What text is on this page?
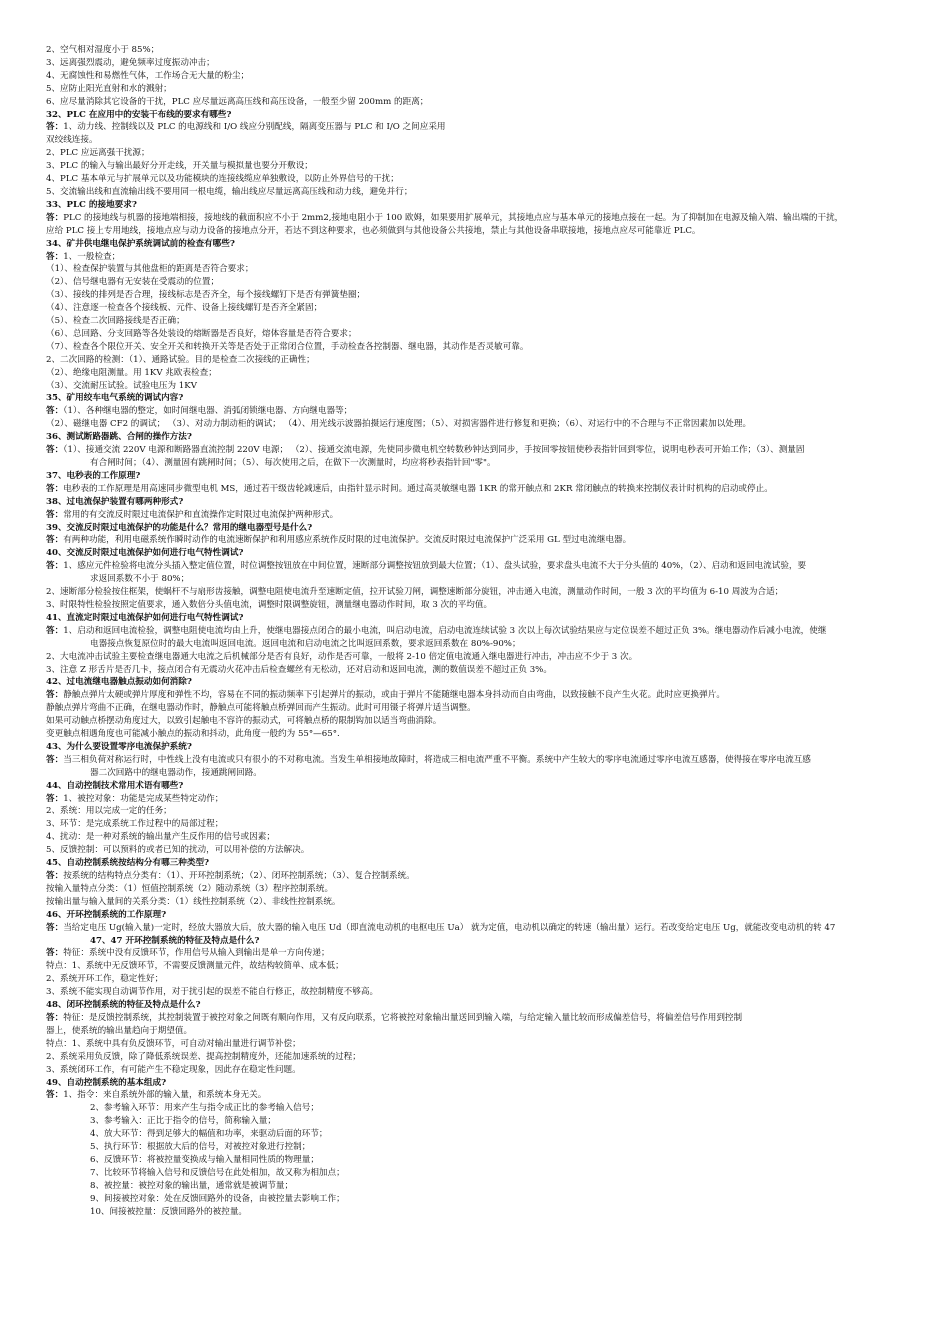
2、空气相对湿度小于 85%；
3、远离强烈震动，避免频率过度振动冲击；
4、无腐蚀性和易燃性气体，工作场合无大量的粉尘；
5、应防止阳光直射和水的溅射；
6、应尽量消除其它设备的干扰，PLC 应尽量远离高压线和高压设备，一般至少留 200mm 的距离；
32、PLC 在应用中的安装干布线的要求有哪些?
答：1、动力线、控制线以及 PLC 的电源线和 I/O 线应分别配线，隔离变压器与 PLC 和 I/O 之间应采用
双绞线连接。
2、PLC 应远离强干扰源；
3、PLC 的输入与输出最好分开走线，开关量与模拟量也要分开敷设；
4、PLC 基本单元与扩展单元以及功能模块的连接线缆应单独敷设，以防止外界信号的干扰；
5、交流输出线和直流输出线不要用同一根电缆，输出线应尽量远离高压线和动力线，避免并行；
33、PLC 的接地要求?
答：PLC 的接地线与机器的接地端相接，接地线的截面积应不小于 2mm2,接地电阻小于 100 欧姆，如果要用扩展单元，其接地点应与基本单元的接地点接在一起。为了抑制加在电源及输入端、输出端的干扰，
应给 PLC 接上专用地线，接地点应与动力设备的接地点分开，若达不到这种要求，也必须做到与其他设备公共接地，禁止与其他设备串联接地，接地点应尽可能靠近 PLC。
34、矿井供电继电保护系统调试前的检查有哪些?
答：1、一般检查；
（1）、检查保护装置与其他盘柜的距离是否符合要求；
（2）、信号继电器有无安装在受震动的位置；
（3）、接线的排列是否合理，接线标志是否齐全，每个接线螺钉下是否有弹簧垫圈；
（4）、注意逐一检查各个接线板、元件、设备上接线螺钉是否齐全紧固；
（5）、检查二次回路接线是否正确；
（6）、总回路、分支回路等各处装设的熔断器是否良好，熔体容量是否符合要求；
（7）、检查各个限位开关、安全开关和转换开关等是否处于正常闭合位置，手动检查各控制器、继电器，其动作是否灵敏可靠。
2、二次回路的检测：（1）、通路试验。目的是检查二次接线的正确性；
（2）、绝缘电阻测量。用 1KV 兆欧表检查；
（3）、交流耐压试验。试验电压为 1KV
35、矿用绞车电气系统的调试内容?
答：（1）、各种继电器的整定，如时间继电器、消弧闭锁继电器、方向继电器等；
（2）、磁继电器 CF2 的调试； （3）、对动力制动柜的调试； （4）、用光线示波器拍摄运行速度图；（5）、对损害器件进行修复和更换；（6）、对运行中的不合理与不正常因素加以处理。
36、测试断路器跳、合闸的操作方法?
答：（1）、接通交流 220V 电源和断路器直流控制 220V 电源； （2）、接通交流电源，先使同步微电机空转数秒钟达到同步，手按回零按钮使秒表指针回到零位，说明电秒表可开始工作；（3）、测量固
有合闸时间；（4）、测量固有跳闸时间；（5）、每次使用之后，在做下一次测量时，均应将秒表指针回"零"。
37、电秒表的工作原理?
答：电秒表的工作原理是用高速同步微型电机 MS，通过若干级齿轮减速后，由指针显示时间。通过高灵敏继电器 1KR 的常开触点和 2KR 常闭触点的转换来控制仪表计时机构的启动或停止。
38、过电流保护装置有哪两种形式?
答：常用的有交流反时限过电流保护和直流操作定时限过电流保护两种形式。
39、交流反时限过电流保护的功能是什么？常用的继电器型号是什么?
答：有两种功能，利用电磁系统作瞬时动作的电流速断保护和利用感应系统作反时限的过电流保护。交流反时限过电流保护广泛采用 GL 型过电流继电器。
40、交流反时限过电流保护如何进行电气特性调试?
答：1、感应元件检验将电流分头插入整定值位置，时位调整按钮放在中间位置，速断部分调整按钮放到最大位置；（1）、盘头试验，要求盘头电流不大于分头值的 40%，（2）、启动和返回电流试验，要
求返回系数不小于 80%；
2、速断部分检验按住框架，使蜗杆不与扇形齿接触，调整电阻使电流升至速断定值，拉开试验刀闸，调整速断部分旋钮，冲击通入电流，测量动作时间，一般 3 次的平均值为 6-10 周波为合适；
3、时限特性检验按照定值要求，通入数倍分头值电流，调整时限调整旋钮，测量继电器动作时间，取 3 次的平均值。
41、直流定时限过电流保护如何进行电气特性调试?
答：1、启动和返回电流检验，调整电阻使电流均由上升，使继电器接点闭合的最小电流，叫启动电流，启动电流连续试验 3 次以上每次试验结果应与定位误差不超过正负 3%。继电器动作后减小电流，使继
电器接点恢复原位时的最大电流叫返回电流。返回电流和启动电流之比叫返回系数，要求返回系数在 80%-90%；
2、大电流冲击试验主要检查继电器通大电流之后机械部分是否有良好，动作是否可靠，一般将 2-10 倍定值电流通入继电器进行冲击，冲击应不少于 3 次。
3、注意 Z 形舌片是否几卡，接点闭合有无震动火花冲击后检查螺丝有无松动，还对启动和返回电流，测的数值误差不超过正负 3%。
42、过电流继电器触点振动如何消除?
答：静触点弹片太硬或弹片厚度和弹性不均，容易在不同的振动频率下引起弹片的振动，或由于弹片不能随继电器本身抖动而自由弯曲，以致接触不良产生火花。此时应更换弹片。
静触点弹片弯曲不正确，在继电器动作时，静触点可能将触点桥弹回而产生振动。此时可用镊子将弹片适当调整。
如果可动触点桥摆动角度过大，以致引起触电不容许的振动式，可将触点桥的限制钩加以适当弯曲消除。
变更触点相遇角度也可能减小触点的振动和抖动，此角度一般约为 55°—65°.
43、为什么要设置零序电流保护系统?
答：当三相负荷对称运行时，中性线上没有电流或只有很小的不对称电流。当发生单相接地故障时，将造成三相电流严重不平衡。系统中产生较大的零序电流通过零序电流互感器，使得接在零序电流互感
器二次回路中的继电器动作，接通跳闸回路。
44、自动控制技术常用术语有哪些?
答：1、被控对象：功能是完成某些特定动作；
2、系统：用以完成一定的任务；
3、环节：是完成系统工作过程中的局部过程；
4、扰动：是一种对系统的输出量产生反作用的信号或因素；
5、反馈控制：可以预料的或者已知的扰动，可以用补偿的方法解决。
45、自动控制系统按结构分有哪三种类型?
答：按系统的结构特点分类有：（1）、开环控制系统；（2）、闭环控制系统；（3）、复合控制系统。
按输入量特点分类：（1）恒值控制系统（2）随动系统（3）程序控制系统。
按输出量与输入量间的关系分类：（1）线性控制系统（2）、非线性控制系统。
46、开环控制系统的工作原理?
答：当给定电压 Ug(输入量)一定时，经放大器放大后，放大器的输入电压 Ud（即直流电动机的电枢电压 Ua） 就为定值，电动机以确定的转速（输出量）运行。若改变给定电压 Ug，就能改变电动机的转 47
47、47 开环控制系统的特征及特点是什么?
答：特征：系统中没有反馈环节，作用信号从输入到输出是单一方向传递；
特点：1、系统中无反馈环节，不需要反馈测量元件，故结构较简单、成本低；
2、系统开环工作，稳定性好；
3、系统不能实现自动调节作用，对于扰引起的误差不能自行修正，故控制精度不够高。
48、闭环控制系统的特征及特点是什么?
答：特征：是反馈控制系统，其控制装置于被控对象之间既有顺向作用，又有反向联系，它将被控对象输出量送回到输入端，与给定输入量比较而形成偏差信号，将偏差信号作用到控制
器上，使系统的输出量趋向于期望值。
特点：1、系统中具有负反馈环节，可自动对输出量进行调节补偿；
2、系统采用负反馈，除了降低系统误差、提高控制精度外，还能加速系统的过程；
3、系统闭环工作，有可能产生不稳定现象，因此存在稳定性问题。
49、自动控制系统的基本组成?
答：1、指令：来自系统外部的输入量，和系统本身无关。
2、参考输入环节：用来产生与指令成正比的参考输入信号；
3、参考输入：正比于指令的信号，简称输入量；
4、放大环节：得到足够大的幅值和功率，来驱动后面的环节；
5、执行环节：根据放大后的信号，对被控对象进行控制；
6、反馈环节：将被控量变换成与输入量相同性质的物理量；
7、比较环节将输入信号和反馈信号在此处相加，故又称为相加点；
8、被控量：被控对象的输出量，通常就是被调节量；
9、间接被控对象：处在反馈回路外的设备，由被控量去影响工作；
10、间接被控量：反馈回路外的被控量。
